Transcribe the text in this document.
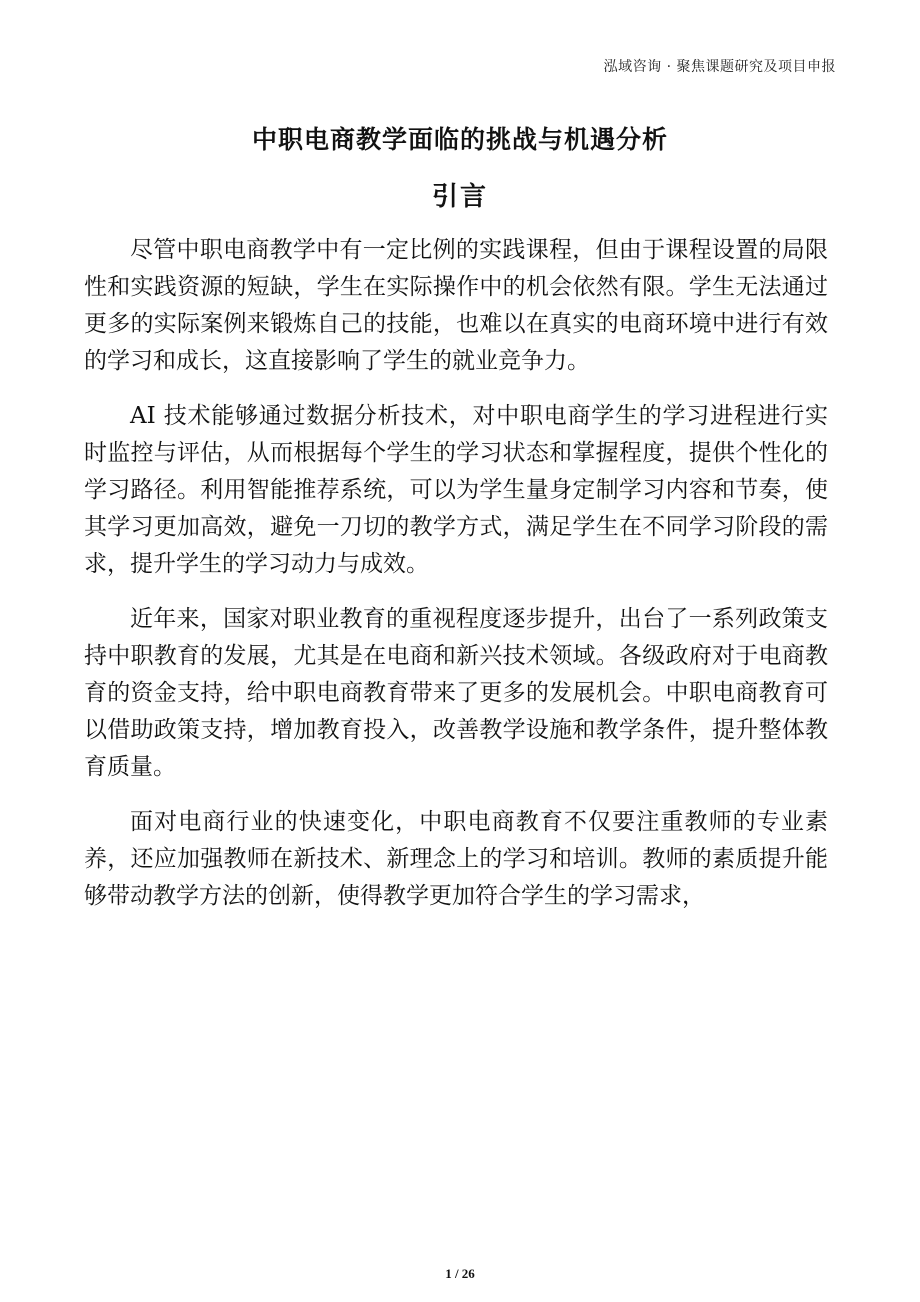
泓域咨询 · 聚焦课题研究及项目申报
中职电商教学面临的挑战与机遇分析
引言

尽管中职电商教学中有一定比例的实践课程，但由于课程设置的局限性和实践资源的短缺，学生在实际操作中的机会依然有限。学生无法通过更多的实际案例来锻炼自己的技能，也难以在真实的电商环境中进行有效的学习和成长，这直接影响了学生的就业竞争力。

AI 技术能够通过数据分析技术，对中职电商学生的学习进程进行实时监控与评估，从而根据每个学生的学习状态和掌握程度，提供个性化的学习路径。利用智能推荐系统，可以为学生量身定制学习内容和节奏，使其学习更加高效，避免一刀切的教学方式，满足学生在不同学习阶段的需求，提升学生的学习动力与成效。

近年来，国家对职业教育的重视程度逐步提升，出台了一系列政策支持中职教育的发展，尤其是在电商和新兴技术领域。各级政府对于电商教育的资金支持，给中职电商教育带来了更多的发展机会。中职电商教育可以借助政策支持，增加教育投入，改善教学设施和教学条件，提升整体教育质量。

面对电商行业的快速变化，中职电商教育不仅要注重教师的专业素养，还应加强教师在新技术、新理念上的学习和培训。教师的素质提升能够带动教学方法的创新，使得教学更加符合学生的学习需求，

1 / 26
